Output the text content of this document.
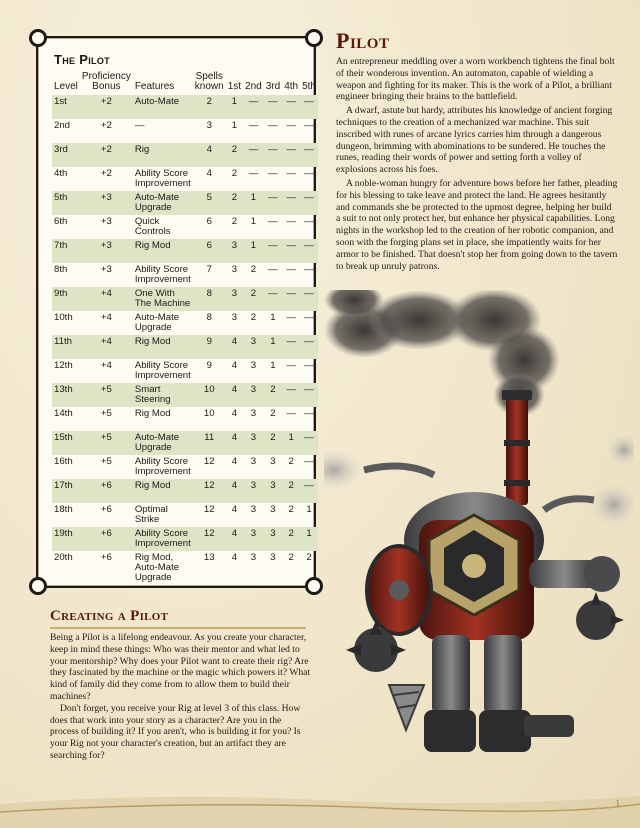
The Pilot
Level	Proficiency Bonus	Features	Spells known	1st	2nd	3rd	4th	5th
1st	+2	Auto-Mate	2	1	—	—	—	—
2nd	+2	—	3	1	—	—	—	—
3rd	+2	Rig	4	2	—	—	—	—
4th	+2	Ability Score Improvement	4	2	—	—	—	—
5th	+3	Auto-Mate Upgrade	5	2	1	—	—	—
6th	+3	Quick Controls	6	2	1	—	—	—
7th	+3	Rig Mod	6	3	1	—	—	—
8th	+3	Ability Score Improvement	7	3	2	—	—	—
9th	+4	One With The Machine	8	3	2	—	—	—
10th	+4	Auto-Mate Upgrade	8	3	2	1	—	—
11th	+4	Rig Mod	9	4	3	1	—	—
12th	+4	Ability Score Improvement	9	4	3	1	—	—
13th	+5	Smart Steering	10	4	3	2	—	—
14th	+5	Rig Mod	10	4	3	2	—	—
15th	+5	Auto-Mate Upgrade	11	4	3	2	1	—
16th	+5	Ability Score Improvement	12	4	3	3	2	—
17th	+6	Rig Mod	12	4	3	3	2	—
18th	+6	Optimal Strike	12	4	3	3	2	1
19th	+6	Ability Score Improvement	12	4	3	3	2	1
20th	+6	Rig Mod, Auto-Mate Upgrade	13	4	3	3	2	2
Pilot

An entrepreneur meddling over a worn workbench tightens the final bolt of their wonderous invention. An automaton, capable of wielding a weapon and fighting for its maker. This is the work of a Pilot, a brilliant engineer bringing their brains to the battlefield.

A dwarf, astute but hardy, attributes his knowledge of ancient forging techniques to the creation of a mechanized war machine. This suit inscribed with runes of arcane lyrics carries him through a dangerous dungeon, brimming with abominations to be sundered. He touches the runes, reading their words of power and setting forth a volley of explosions across his foes.

A noble-woman hungry for adventure bows before her father, pleading for his blessing to take leave and protect the land. He agrees hesitantly and commands she be protected to the upmost degree, helping her build a suit to not only protect her, but enhance her physical capabilities. Long nights in the workshop led to the creation of her robotic companion, and soon with the forging plans set in place, she impatiently waits for her armor to be finished. That doesn't stop her from going down to the tavern to break up unruly patrons.

Creating a Pilot

Being a Pilot is a lifelong endeavour. As you create your character, keep in mind these things: Who was their mentor and what led to your mentorship? Why does your Pilot want to create their rig? Are they fascinated by the machine or the magic which powers it? What kind of family did they come from to allow them to build their machines?

Don't forget, you receive your Rig at level 3 of this class. How does that work into your story as a character? Are you in the process of building it? If you aren't, who is building it for you? Is your Rig not your character's creation, but an artifact they are searching for?

1
